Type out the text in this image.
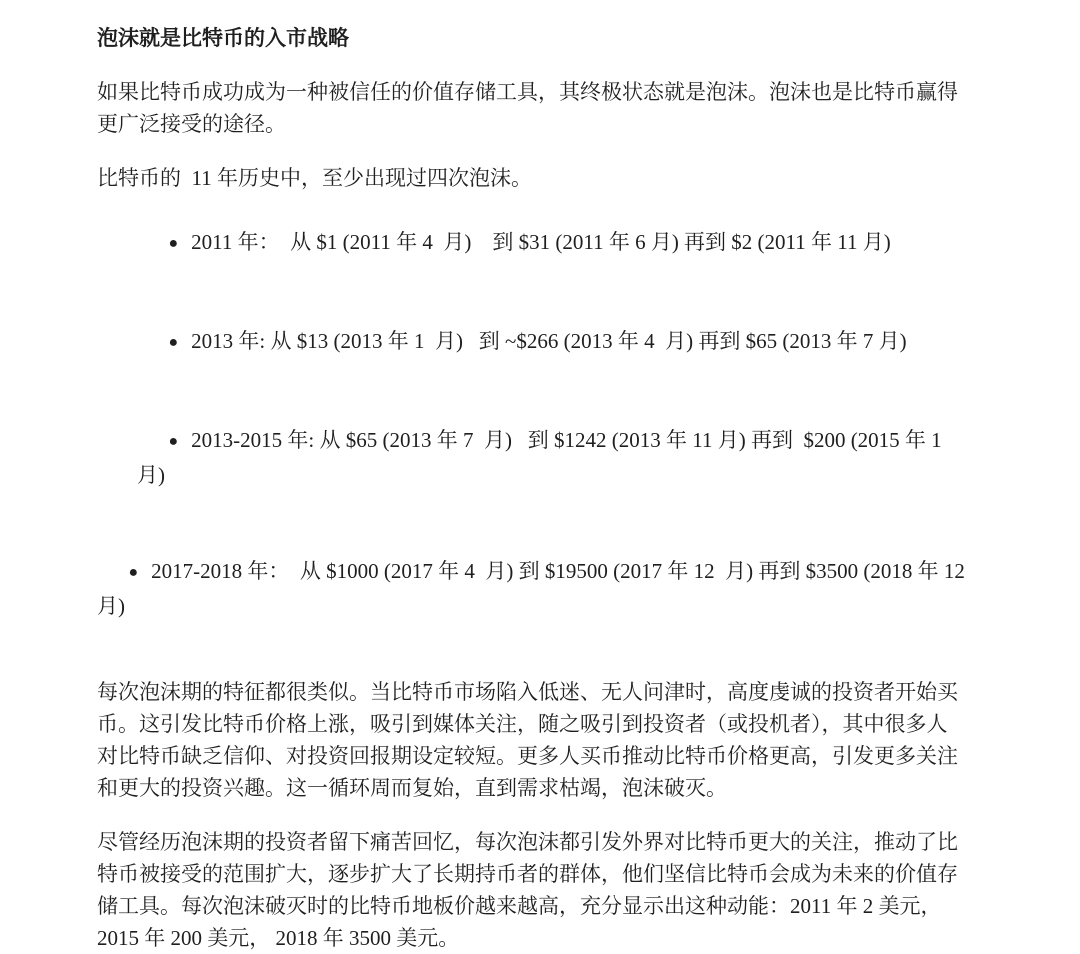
泡沫就是比特币的入市战略

如果比特币成功成为一种被信任的价值存储工具，其终极状态就是泡沫。泡沫也是比特币赢得更广泛接受的途径。

比特币的  11 年历史中，至少出现过四次泡沫。

● 2011 年：  从 $1 (2011 年 4  月)    到 $31 (2011 年 6 月) 再到 $2 (2011 年 11 月)

● 2013 年: 从 $13 (2013 年 1  月)   到 ~$266 (2013 年 4  月) 再到 $65 (2013 年 7 月)

● 2013-2015 年: 从 $65 (2013 年 7  月)   到 $1242 (2013 年 11 月) 再到  $200 (2015 年 1  月)

● 2017-2018 年：  从 $1000 (2017 年 4  月) 到 $19500 (2017 年 12  月) 再到 $3500 (2018 年 12  月)

每次泡沫期的特征都很类似。当比特币市场陷入低迷、无人问津时，高度虔诚的投资者开始买币。这引发比特币价格上涨，吸引到媒体关注，随之吸引到投资者（或投机者），其中很多人对比特币缺乏信仰、对投资回报期设定较短。更多人买币推动比特币价格更高，引发更多关注和更大的投资兴趣。这一循环周而复始，直到需求枯竭，泡沫破灭。

尽管经历泡沫期的投资者留下痛苦回忆，每次泡沫都引发外界对比特币更大的关注，推动了比特币被接受的范围扩大，逐步扩大了长期持币者的群体，他们坚信比特币会成为未来的价值存储工具。每次泡沫破灭时的比特币地板价越来越高，充分显示出这种动能：2011 年 2 美元，2015 年 200 美元， 2018 年 3500 美元。
